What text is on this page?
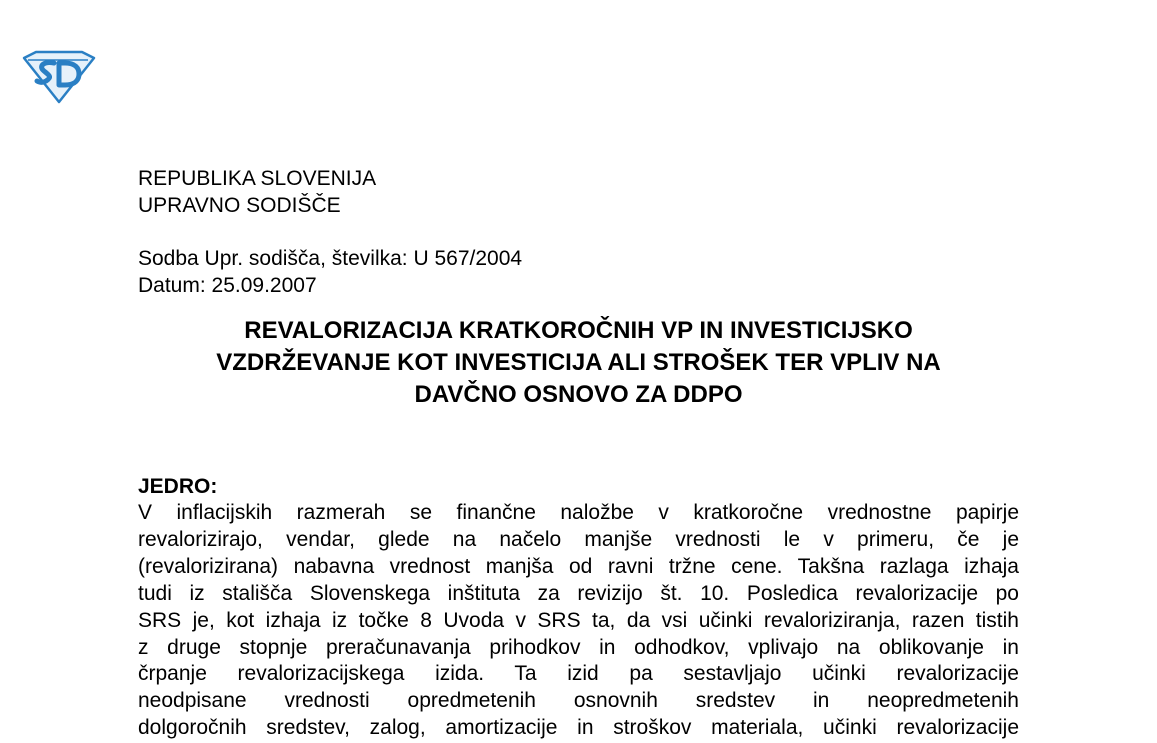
REPUBLIKA SLOVENIJA

UPRAVNO SODIŠČE

Sodba Upr. sodišča, številka: U 567/2004

Datum: 25.09.2007

REVALORIZACIJA KRATKOROČNIH VP IN INVESTICIJSKO
VZDRŽEVANJE KOT INVESTICIJA ALI STROŠEK TER VPLIV NA
DAVČNO OSNOVO ZA DDPO
JEDRO:
V inflacijskih razmerah se finančne naložbe v kratkoročne vrednostne papirje
revalorizirajo, vendar, glede na načelo manjše vrednosti le v primeru, če je
(revalorizirana) nabavna vrednost manjša od ravni tržne cene. Takšna razlaga izhaja
tudi iz stališča Slovenskega inštituta za revizijo št. 10. Posledica revalorizacije po
SRS je, kot izhaja iz točke 8 Uvoda v SRS ta, da vsi učinki revaloriziranja, razen tistih
z druge stopnje preračunavanja prihodkov in odhodkov, vplivajo na oblikovanje in
črpanje revalorizacijskega izida. Ta izid pa sestavljajo učinki revalorizacije
neodpisane vrednosti opredmetenih osnovnih sredstev in neopredmetenih
dolgoročnih sredstev, zalog, amortizacije in stroškov materiala, učinki revalorizacije
